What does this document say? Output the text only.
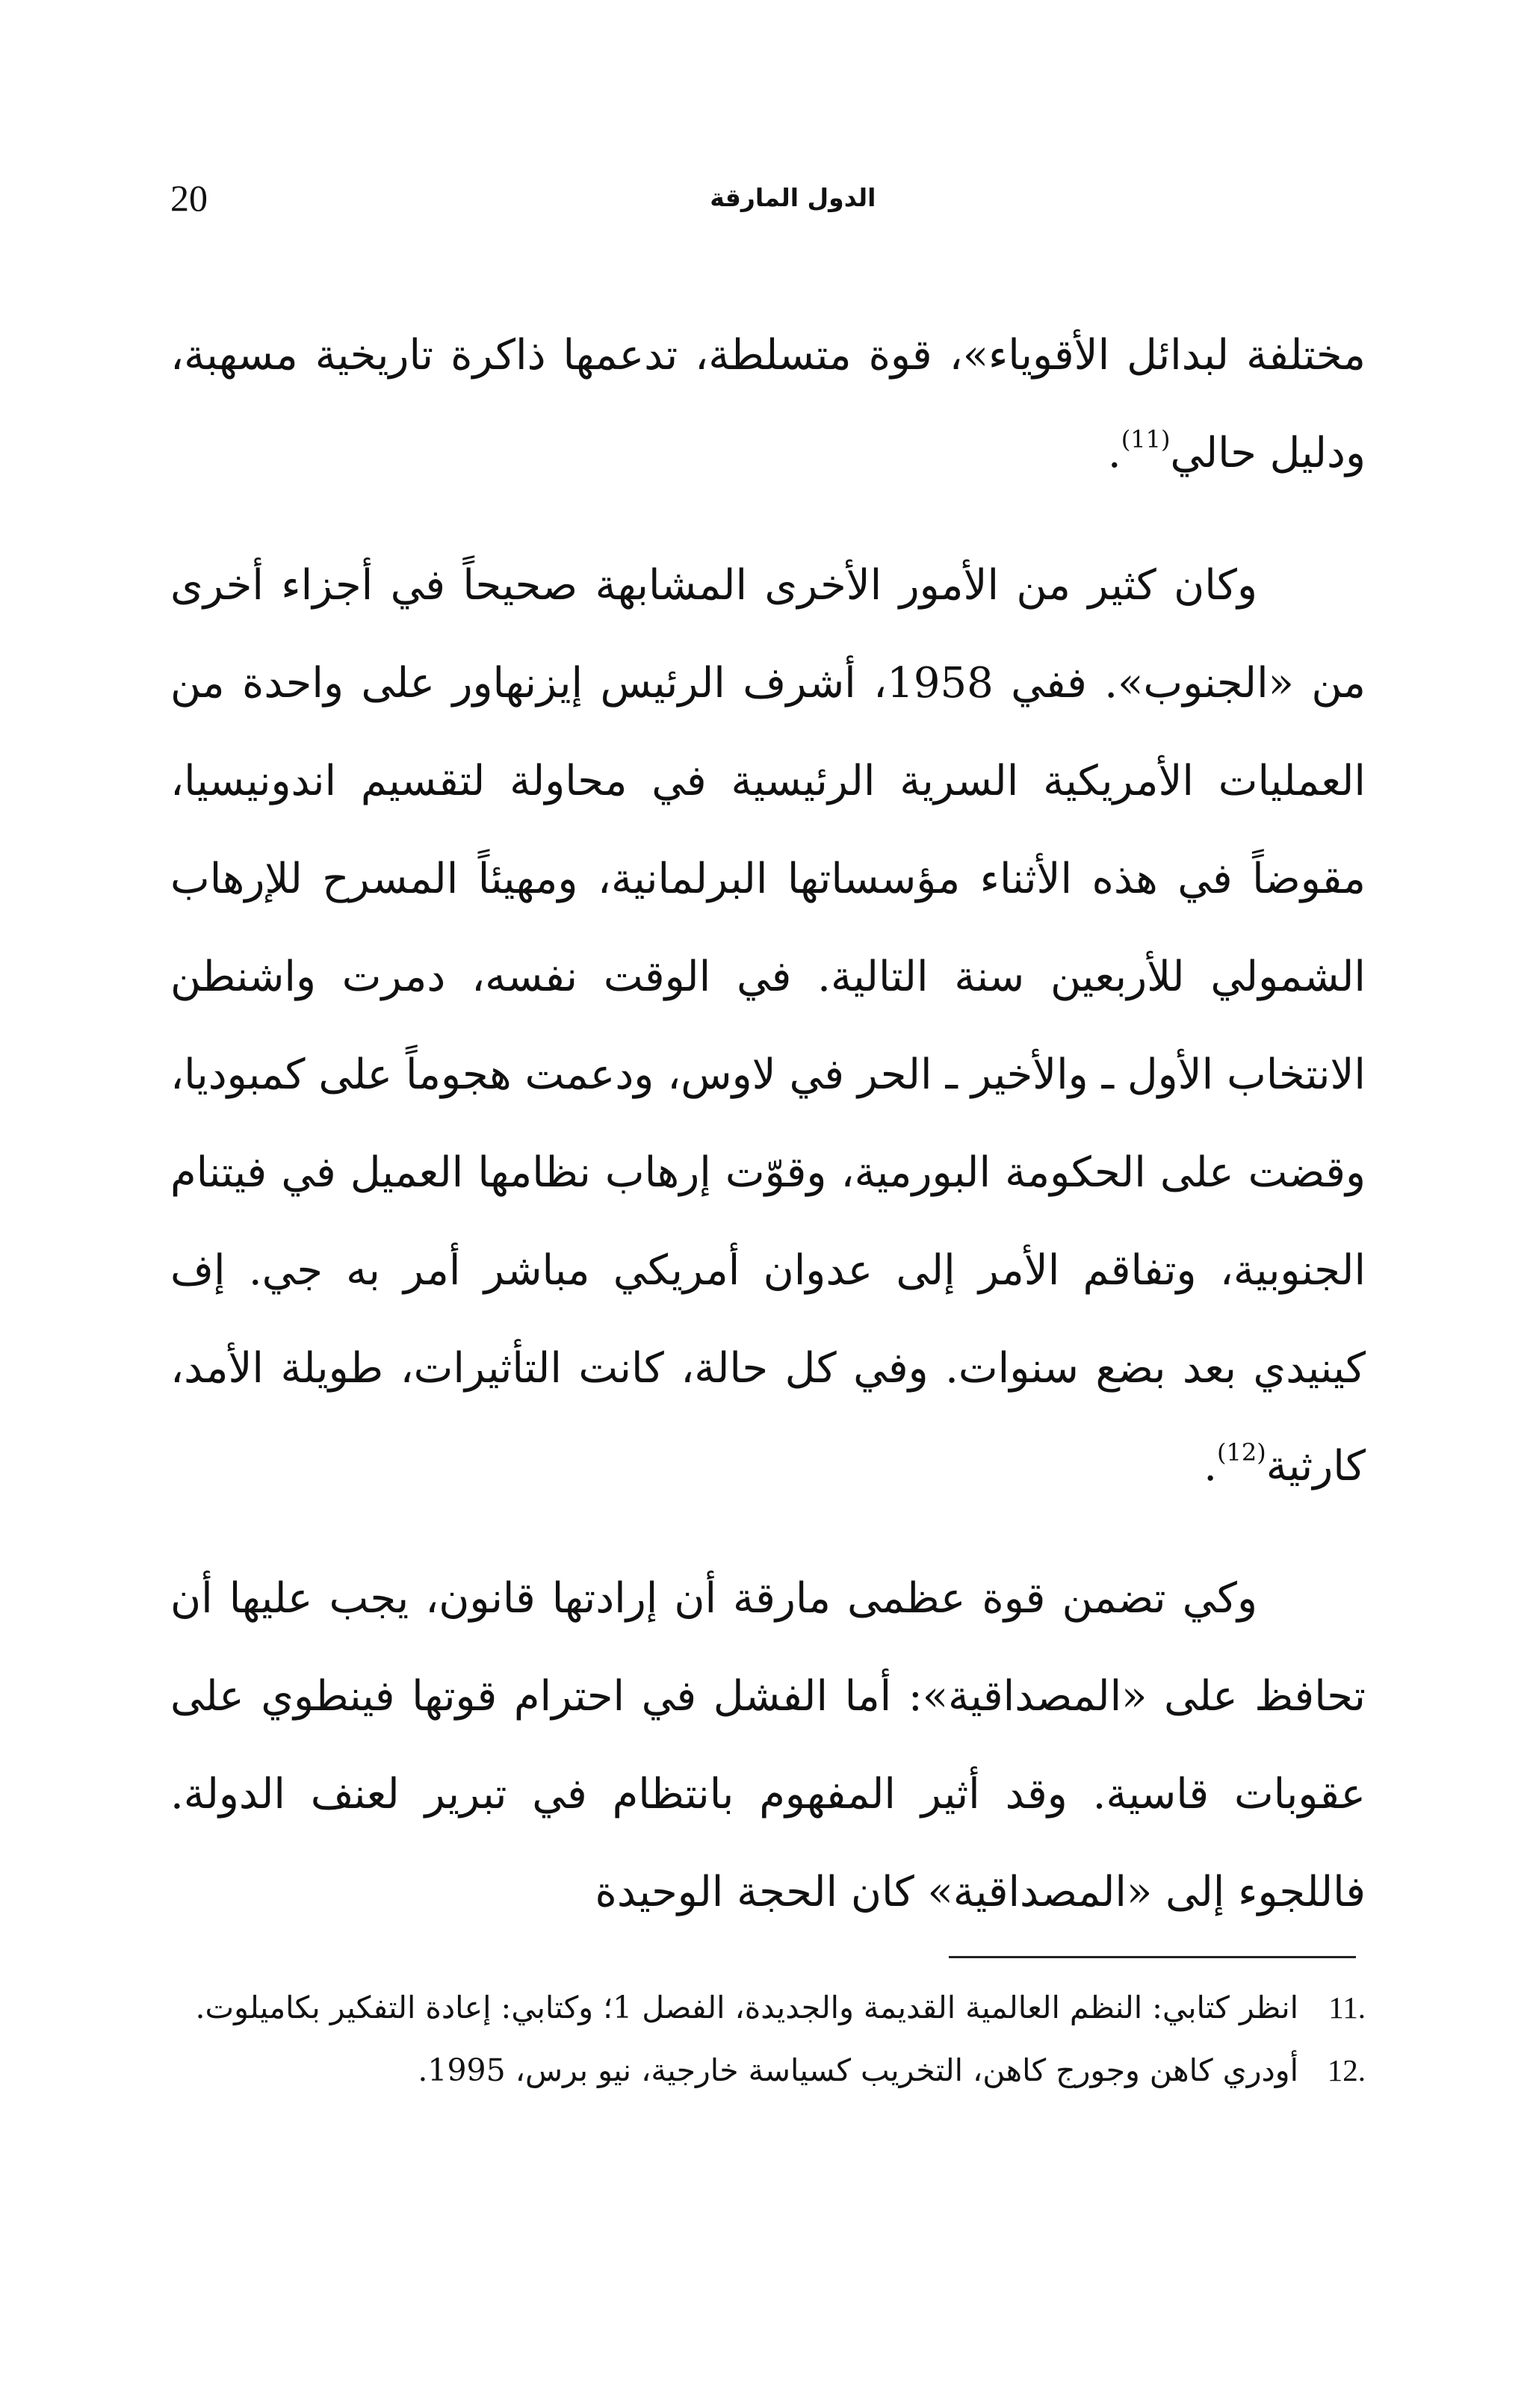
20	الدول المارقة

مختلفة لبدائل الأقوياء»، قوة متسلطة، تدعمها ذاكرة تاريخية مسهبة، ودليل حالي$^{(11)}$.

وكان كثير من الأمور الأخرى المشابهة صحيحاً في أجزاء أخرى من «الجنوب». ففي 1958، أشرف الرئيس إيزنهاور على واحدة من العمليات الأمريكية السرية الرئيسية في محاولة لتقسيم اندونيسيا، مقوضاً في هذه الأثناء مؤسساتها البرلمانية، ومهيئاً المسرح للإرهاب الشمولي للأربعين سنة التالية. في الوقت نفسه، دمرت واشنطن الانتخاب الأول ـ والأخير ـ الحر في لاوس، ودعمت هجوماً على كمبوديا، وقضت على الحكومة البورمية، وقوّت إرهاب نظامها العميل في فيتنام الجنوبية، وتفاقم الأمر إلى عدوان أمريكي مباشر أمر به جي. إف كينيدي بعد بضع سنوات. وفي كل حالة، كانت التأثيرات، طويلة الأمد، كارثية$^{(12)}$.

وكي تضمن قوة عظمى مارقة أن إرادتها قانون، يجب عليها أن تحافظ على «المصداقية»: أما الفشل في احترام قوتها فينطوي على عقوبات قاسية. وقد أثير المفهوم بانتظام في تبرير لعنف الدولة. فاللجوء إلى «المصداقية» كان الحجة الوحيدة

11.
انظر كتابي: النظم العالمية القديمة والجديدة، الفصل 1؛ وكتابي: إعادة التفكير بكاميلوت.
12.
أودري كاهن وجورج كاهن، التخريب كسياسة خارجية، نيو برس، 1995.
